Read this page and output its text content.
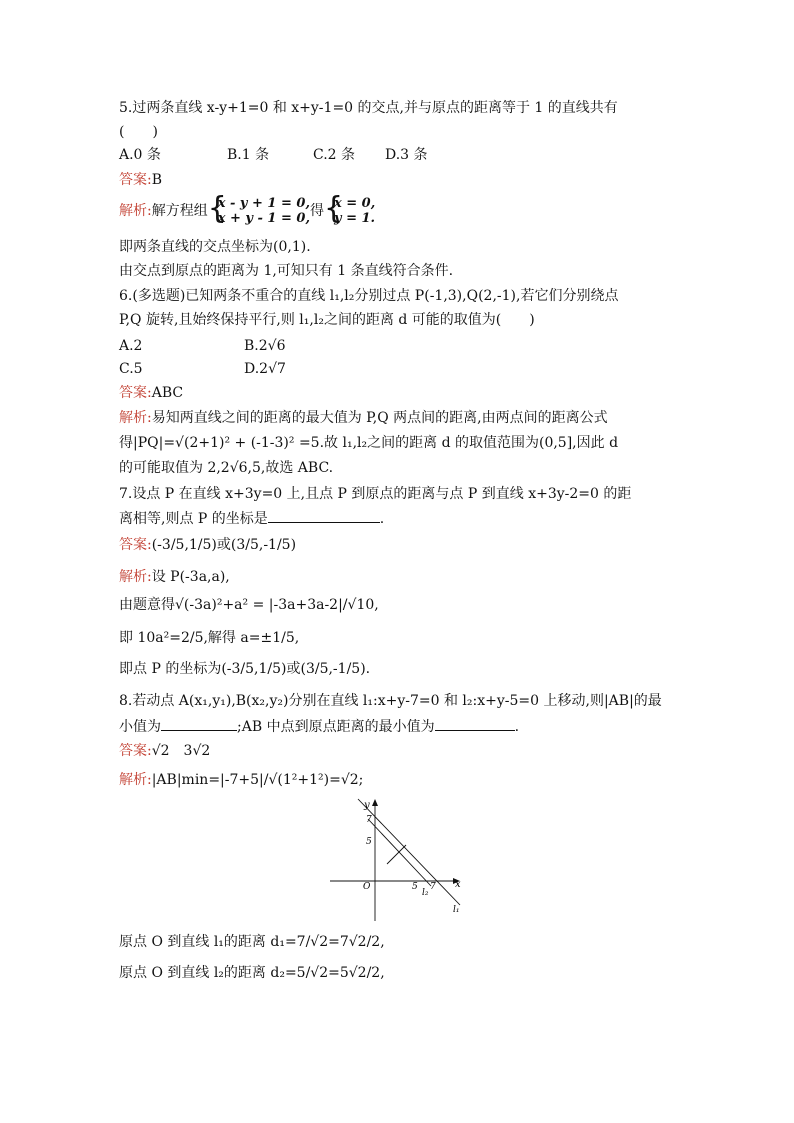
5.过两条直线 x-y+1=0 和 x+y-1=0 的交点,并与原点的距离等于 1 的直线共有
(　　)
A.0 条	B.1 条	C.2 条 D.3 条
答案:B
解析:解方程组 {
x - y + 1 = 0,
x + y - 1 = 0, 得 {
x = 0,
y = 1.
即两条直线的交点坐标为(0,1).
由交点到原点的距离为 1,可知只有 1 条直线符合条件.
6.(多选题)已知两条不重合的直线 l₁,l₂分别过点 P(-1,3),Q(2,-1),若它们分别绕点
P,Q 旋转,且始终保持平行,则 l₁,l₂之间的距离 d 可能的取值为(　　)
A.2	B.2√6
C.5	D.2√7
答案:ABC
解析:易知两直线之间的距离的最大值为 P,Q 两点间的距离,由两点间的距离公式
得|PQ|=√(2+1)² + (-1-3)² =5.故 l₁,l₂之间的距离 d 的取值范围为(0,5],因此 d
的可能取值为 2,2√6,5,故选 ABC.
7.设点 P 在直线 x+3y=0 上,且点 P 到原点的距离与点 P 到直线 x+3y-2=0 的距
离相等,则点 P 的坐标是	.
答案:(-3/5,1/5)或(3/5,-1/5)
解析:设 P(-3a,a),
由题意得√(-3a)²+a² = |-3a+3a-2|/√10,
即 10a²=2/5,解得 a=±1/5,
即点 P 的坐标为(-3/5,1/5)或(3/5,-1/5).
8.若动点 A(x₁,y₁),B(x₂,y₂)分别在直线 l₁:x+y-7=0 和 l₂:x+y-5=0 上移动,则|AB|的最
小值为	;AB 中点到原点距离的最小值为	.
答案:√2　3√2
解析:|AB|min=|-7+5|/√(1²+1²)=√2;
y
7
5
O	5 7 x
l₂
l₁
原点 O 到直线 l₁的距离 d₁=7/√2=7√2/2,
原点 O 到直线 l₂的距离 d₂=5/√2=5√2/2,
